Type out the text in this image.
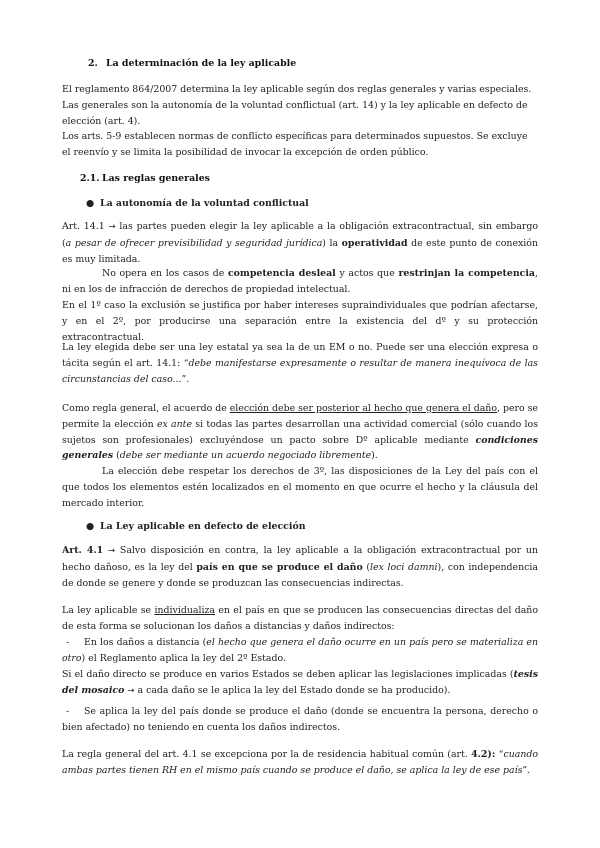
2. La determinación de la ley aplicable
El reglamento 864/2007 determina la ley aplicable según dos reglas generales y varias especiales. Las generales son la autonomía de la voluntad conflictual (art. 14) y la ley aplicable en defecto de elección (art. 4).
Los arts. 5-9 establecen normas de conflicto específicas para determinados supuestos. Se excluye el reenvío y se limita la posibilidad de invocar la excepción de orden público.
2.1. Las reglas generales
● La autonomía de la voluntad conflictual
Art. 14.1 → las partes pueden elegir la ley aplicable a la obligación extracontractual, sin embargo (a pesar de ofrecer previsibilidad y seguridad jurídica) la operatividad de este punto de conexión es muy limitada.
No opera en los casos de competencia desleal y actos que restrinjan la competencia, ni en los de infracción de derechos de propiedad intelectual.
En el 1º caso la exclusión se justifica por haber intereses supraindividuales que podrían afectarse, y en el 2º, por producirse una separación entre la existencia del dº y su protección extracontractual.
La ley elegida debe ser una ley estatal ya sea la de un EM o no. Puede ser una elección expresa o tácita según el art. 14.1: “debe manifestarse expresamente o resultar de manera inequívoca de las circunstancias del caso...”.
Como regla general, el acuerdo de elección debe ser posterior al hecho que genera el daño, pero se permite la elección ex ante si todas las partes desarrollan una actividad comercial (sólo cuando los sujetos son profesionales) excluyéndose un pacto sobre Dº aplicable mediante condiciones generales (debe ser mediante un acuerdo negociado libremente).
La elección debe respetar los derechos de 3º, las disposiciones de la Ley del país con el que todos los elementos estén localizados en el momento en que ocurre el hecho y la cláusula del mercado interior.
● La Ley aplicable en defecto de elección
Art. 4.1 → Salvo disposición en contra, la ley aplicable a la obligación extracontractual por un hecho dañoso, es la ley del país en que se produce el daño (lex loci damni), con independencia de donde se genere y donde se produzcan las consecuencias indirectas.
La ley aplicable se individualiza en el país en que se producen las consecuencias directas del daño de esta forma se solucionan los daños a distancias y daños indirectos:
- En los daños a distancia (el hecho que genera el daño ocurre en un país pero se materializa en otro) el Reglamento aplica la ley del 2º Estado.
Si el daño directo se produce en varios Estados se deben aplicar las legislaciones implicadas (tesis del mosaico → a cada daño se le aplica la ley del Estado donde se ha producido).
- Se aplica la ley del país donde se produce el daño (donde se encuentra la persona, derecho o bien afectado) no teniendo en cuenta los daños indirectos.
La regla general del art. 4.1 se excepciona por la de residencia habitual común (art. 4.2): “cuando ambas partes tienen RH en el mismo país cuando se produce el daño, se aplica la ley de ese país”.
